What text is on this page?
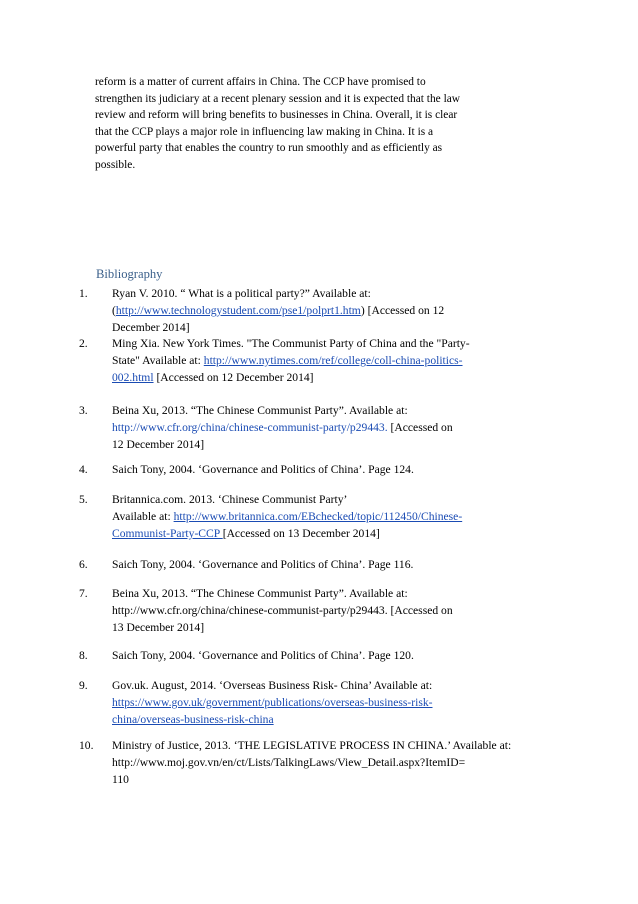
reform is a matter of current affairs in China. The CCP have promised to
strengthen its judiciary at a recent plenary session and it is expected that the law
review and reform will bring benefits to businesses in China. Overall, it is clear
that the CCP plays a major role in influencing law making in China. It is a
powerful party that enables the country to run smoothly and as efficiently as
possible.

Bibliography
1.	Ryan V. 2010. “ What is a political party?” Available at:
(http://www.technologystudent.com/pse1/polprt1.htm) [Accessed on 12
December 2014]
2.	Ming Xia. New York Times. "The Communist Party of China and the "Party-
State" Available at: http://www.nytimes.com/ref/college/coll-china-politics-
002.html [Accessed on 12 December 2014]
3.	Beina Xu, 2013. “The Chinese Communist Party”. Available at:
http://www.cfr.org/china/chinese-communist-party/p29443. [Accessed on
12 December 2014]
4.	Saich Tony, 2004. ‘Governance and Politics of China’. Page 124.
5.	Britannica.com. 2013. ‘Chinese Communist Party’
Available at: http://www.britannica.com/EBchecked/topic/112450/Chinese-
Communist-Party-CCP [Accessed on 13 December 2014]
6.	Saich Tony, 2004. ‘Governance and Politics of China’. Page 116.
7.	Beina Xu, 2013. “The Chinese Communist Party”. Available at:
http://www.cfr.org/china/chinese-communist-party/p29443. [Accessed on
13 December 2014]
8.	Saich Tony, 2004. ‘Governance and Politics of China’. Page 120.
9.	Gov.uk. August, 2014. ‘Overseas Business Risk- China’ Available at:
https://www.gov.uk/government/publications/overseas-business-risk-
china/overseas-business-risk-china
10.	Ministry of Justice, 2013. ‘THE LEGISLATIVE PROCESS IN CHINA.’ Available at:
http://www.moj.gov.vn/en/ct/Lists/TalkingLaws/View_Detail.aspx?ItemID=
110
